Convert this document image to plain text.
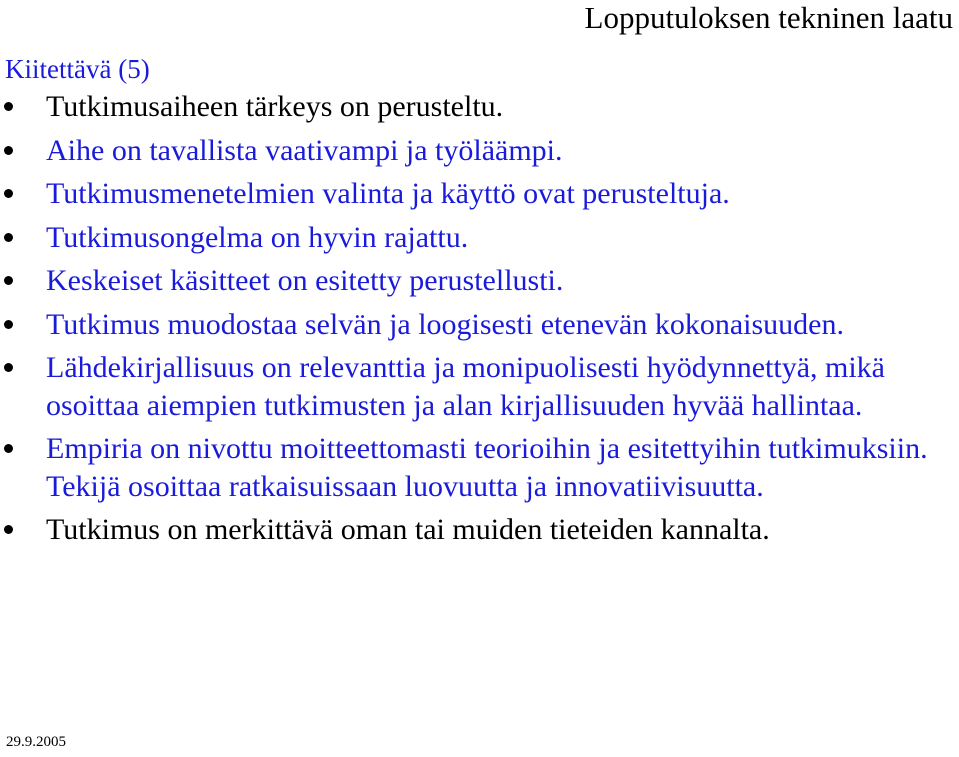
Lopputuloksen tekninen laatu
Kiitettävä (5)
Tutkimusaiheen tärkeys on perusteltu.
Aihe on tavallista vaativampi ja työläämpi.
Tutkimusmenetelmien valinta ja käyttö ovat perusteltuja.
Tutkimusongelma on hyvin rajattu.
Keskeiset käsitteet on esitetty perustellusti.
Tutkimus muodostaa selvän ja loogisesti etenevän kokonaisuuden.
Lähdekirjallisuus on relevanttia ja monipuolisesti hyödynnettyä, mikä osoittaa aiempien tutkimusten ja alan kirjallisuuden hyvää hallintaa.
Empiria on nivottu moitteettomasti teorioihin ja esitettyihin tutkimuksiin. Tekijä osoittaa ratkaisuissaan luovuutta ja innovatiivisuutta.
Tutkimus on merkittävä oman tai muiden tieteiden kannalta.
29.9.2005
